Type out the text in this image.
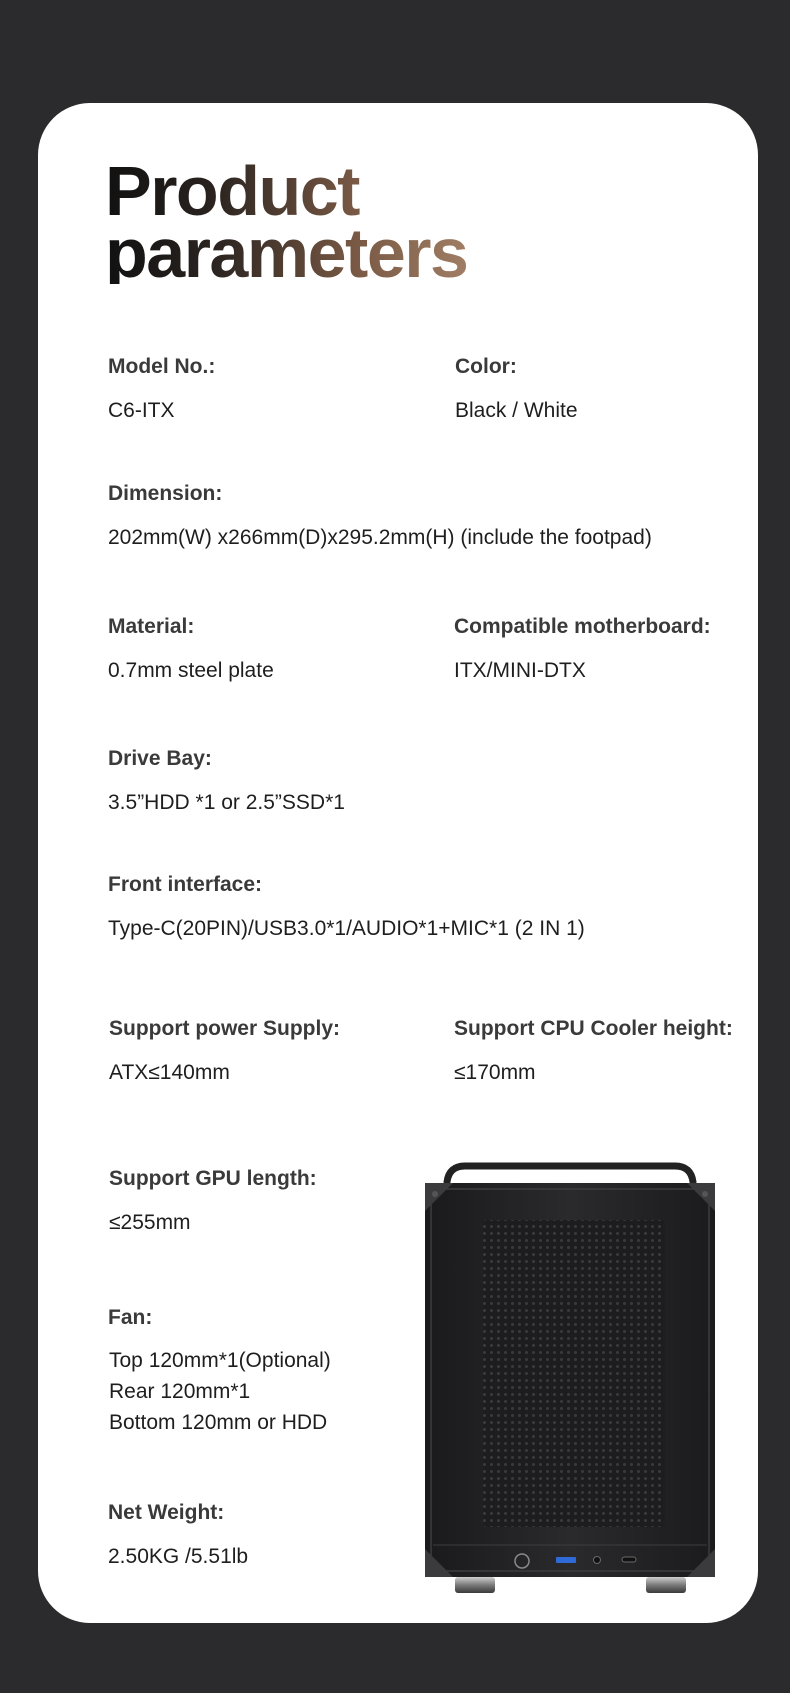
Product
parameters
Model No.:
C6-ITX
Color:
Black / White
Dimension:
202mm(W) x266mm(D)x295.2mm(H) (include the footpad)
Material:
0.7mm steel plate
Compatible motherboard:
ITX/MINI-DTX
Drive Bay:
3.5”HDD *1 or 2.5”SSD*1
Front interface:
Type-C(20PIN)/USB3.0*1/AUDIO*1+MIC*1 (2 IN 1)
Support power Supply:
ATX≤140mm
Support CPU Cooler height:
≤170mm
Support GPU length:
≤255mm
Fan:
Top 120mm*1(Optional)
Rear 120mm*1
Bottom 120mm or HDD
Net Weight:
2.50KG /5.51lb
